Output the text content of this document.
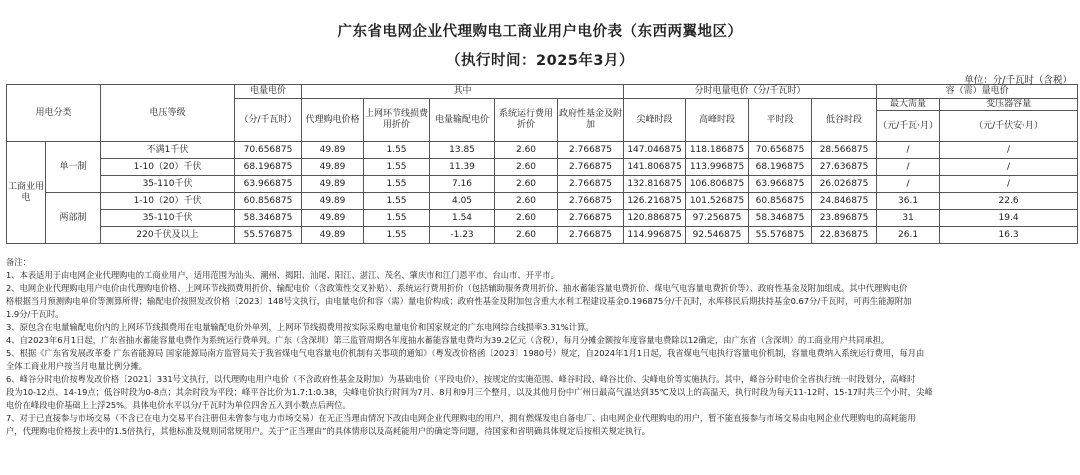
广东省电网企业代理购电工商业用户电价表（东西两翼地区）
（执行时间：2025年3月）
单位：分/千瓦时（含税）
用电分类		电压等级	电量电价	其中					分时电量电价（分/千瓦时）				容（需）量电价	
			（分/千瓦时）	代理购电价格	上网环节线损费用折价	电量输配电价	系统运行费用折价	政府性基金及附加	尖峰时段	高峰时段	平时段	低谷时段	最大需量	变压器容量
													（元/千瓦·月）	（元/千伏安·月）
工商业用电	单一制	不满1千伏	70.656875	49.89	1.55	13.85	2.60	2.766875	147.046875	118.186875	70.656875	28.566875	/	/
		1-10（20）千伏	68.196875	49.89	1.55	11.39	2.60	2.766875	141.806875	113.996875	68.196875	27.636875	/	/
		35-110千伏	63.966875	49.89	1.55	7.16	2.60	2.766875	132.816875	106.806875	63.966875	26.026875	/	/
	两部制	1-10（20）千伏	60.856875	49.89	1.55	4.05	2.60	2.766875	126.216875	101.526875	60.856875	24.846875	36.1	22.6
		35-110千伏	58.346875	49.89	1.55	1.54	2.60	2.766875	120.886875	97.256875	58.346875	23.896875	31	19.4
		220千伏及以上	55.576875	49.89	1.55	-1.23	2.60	2.766875	114.996875	92.546875	55.576875	22.836875	26.1	16.3

备注：

1、本表适用于由电网企业代理购电的工商业用户，适用范围为汕头、潮州、揭阳、汕尾、阳江、湛江、茂名、肇庆市和江门恩平市、台山市、开平市。

2、电网企业代理购电用户电价由代理购电价格、上网环节线损费用折价、输配电价（含政策性交叉补贴）、系统运行费用折价（包括辅助服务费用折价、抽水蓄能容量电费折价、煤电气电容量电费折价等）、政府性基金及附加组成。其中代理购电价

格根据当月预测购电单价等测算所得；输配电价按照发改价格〔2023〕148号文执行，由电量电价和容（需）量电价构成；政府性基金及附加包含重大水利工程建设基金0.196875分/千瓦时，水库移民后期扶持基金0.67分/千瓦时，可再生能源附加

1.9分/千瓦时。

3、原包含在电量输配电价内的上网环节线损费用在电量输配电价外单列，上网环节线损费用按实际采购电量电价和国家规定的广东电网综合线损率3.31%计算。

4、自2023年6月1日起，广东省抽水蓄能容量电费作为系统运行费单列。广东（含深圳）第三监管周期各年度抽水蓄能容量电费均为39.2亿元（含税），每月分摊金额按年度容量电费除以12确定，由广东省（含深圳）的工商业用户共同承担。

5、根据《广东省发展改革委 广东省能源局 国家能源局南方监管局关于我省煤电气电容量电价机制有关事项的通知》（粤发改价格函〔2023〕1980号）规定，自2024年1月1日起，我省煤电气电执行容量电价机制，容量电费纳入系统运行费用，每月由

全体工商业用户按当月电量比例分摊。

6、峰谷分时电价按粤发改价格〔2021〕331号文执行，以代理购电用户电价（不含政府性基金及附加）为基础电价（平段电价），按规定的实施范围、峰谷时段、峰谷比价、尖峰电价等实施执行。其中，峰谷分时电价全省执行统一时段划分，高峰时

段为10-12点、14-19点；低谷时段为0-8点；其余时段为平段；峰平谷比价为1.7:1:0.38，尖峰电价执行时间为7月、8月和9月三个整月，以及其他月份中广州日最高气温达到35℃及以上的高温天，执行时段为每天11-12时、15-17时共三个小时，尖峰

电价在峰段电价基础上上浮25%。具体电价水平以分/千瓦时为单位四舍五入到小数点后两位。

7、对于已直接参与市场交易（不含已在电力交易平台注册但未曾参与电力市场交易）在无正当理由情况下改由电网企业代理购电的用户，拥有燃煤发电自备电厂、由电网企业代理购电的用户，暂不能直接参与市场交易由电网企业代理购电的高耗能用

户，代理购电价格按上表中的1.5倍执行，其他标准及规则同常规用户。关于“正当理由”的具体情形以及高耗能用户的确定等问题，待国家和省明确具体规定后按相关规定执行。
